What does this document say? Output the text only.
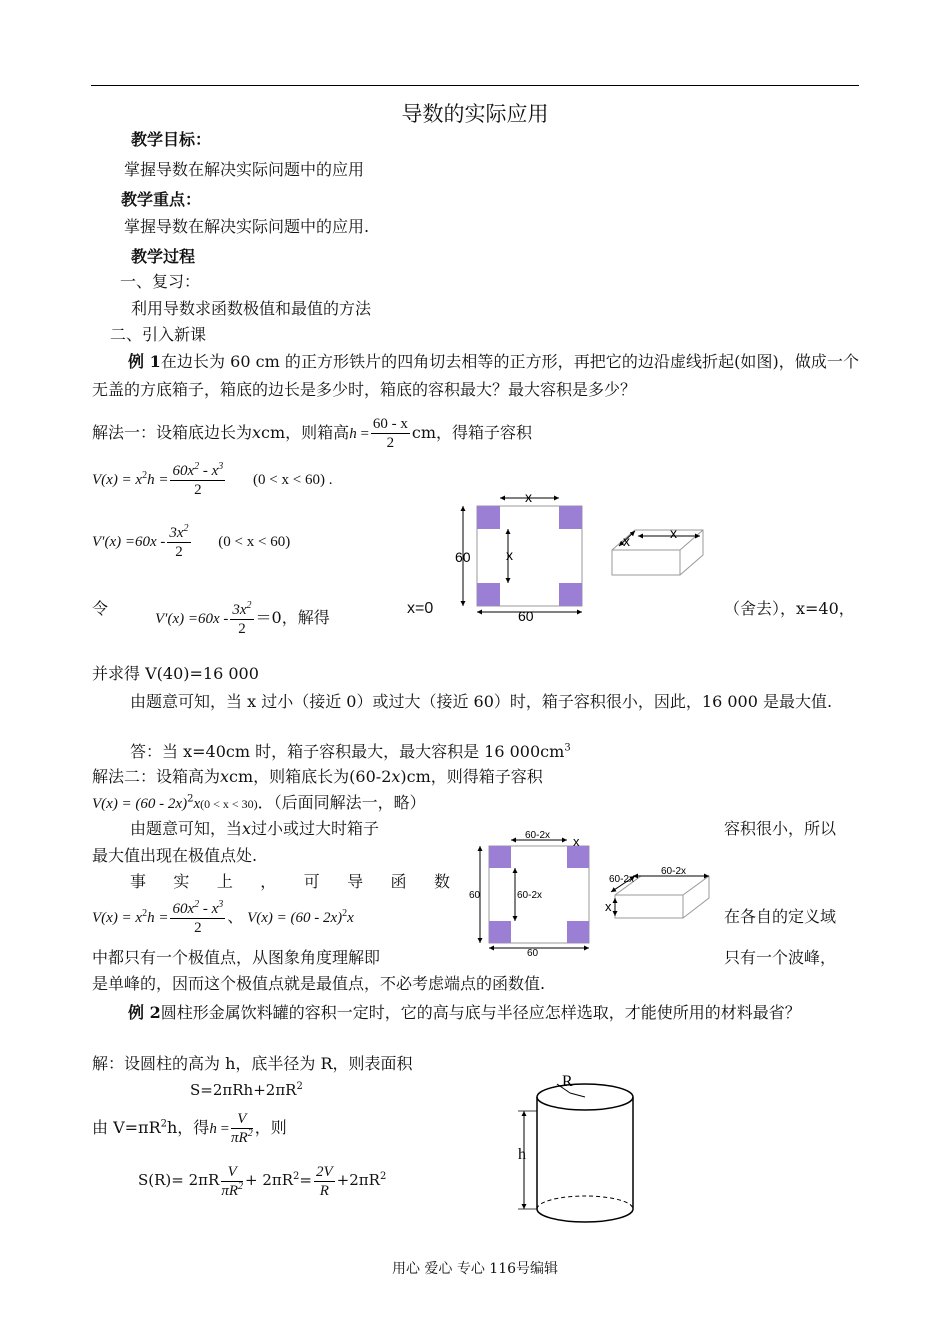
导数的实际应用
教学目标：
掌握导数在解决实际问题中的应用
教学重点：
掌握导数在解决实际问题中的应用.
教学过程
一、复习：
利用导数求函数极值和最值的方法
二、引入新课
例 1在边长为 60 cm 的正方形铁片的四角切去相等的正方形，再把它的边沿虚线折起(如图)，做成一个无盖的方底箱子，箱底的边长是多少时，箱底的容积最大？最大容积是多少？
解法一：设箱底边长为xcm，则箱高$h = \frac{60 - x}{2}$ cm，得箱子容积
$V(x) = x^2h = \frac{60x^2 - x^3}{2} (0 < x < 60)$ .
$V'(x) =60x - \frac{3x^2}{2} (0 < x < 60)$
令
$V'(x) =60x - \frac{3x^2}{2} =0$，解得	x=0	（舍去），x=40，
并求得 V(40)=16 000
由题意可知，当 x 过小（接近 0）或过大（接近 60）时，箱子容积很小，因此，16 000 是最大值.
答：当 x=40cm 时，箱子容积最大，最大容积是 16 $000cm^3$
解法二：设箱高为xcm，则箱底长为(60-2x)cm，则得箱子容积
V(x) = (60 - 2x)$^2$x(0 < x < 30)．（后面同解法一，略）
由题意可知，当x过小或过大时箱子	容积很小，所以
最大值出现在极值点处.
事 实 上 ， 可 导 函 数
$V(x) = x^2h = \frac{60x^2 - x^3}{2}$ 、 V(x) = (60 - 2x)$^2$x	在各自的定义域
中都只有一个极值点，从图象角度理解即	只有一个波峰，
是单峰的，因而这个极值点就是最值点，不必考虑端点的函数值.
例 2圆柱形金属饮料罐的容积一定时，它的高与底与半径应怎样选取，才能使所用的材料最省？
解：设圆柱的高为 h，底半径为 R，则表面积
$S=2\pi Rh+2\pi R^2$
由 $V=\pi R^2h$，得$h = \frac{V}{\pi R^2}$ ，则
$S(R)= 2\pi R \frac{V}{\pi R^2} + 2\pi R^2= \frac{2V}{R} +2\pi R^2$
x
x
60
60
x	x
60-2x x
60-2x
60
60
60-2x
60-2x
x
R
h
用心 爱心 专心 116号编辑
